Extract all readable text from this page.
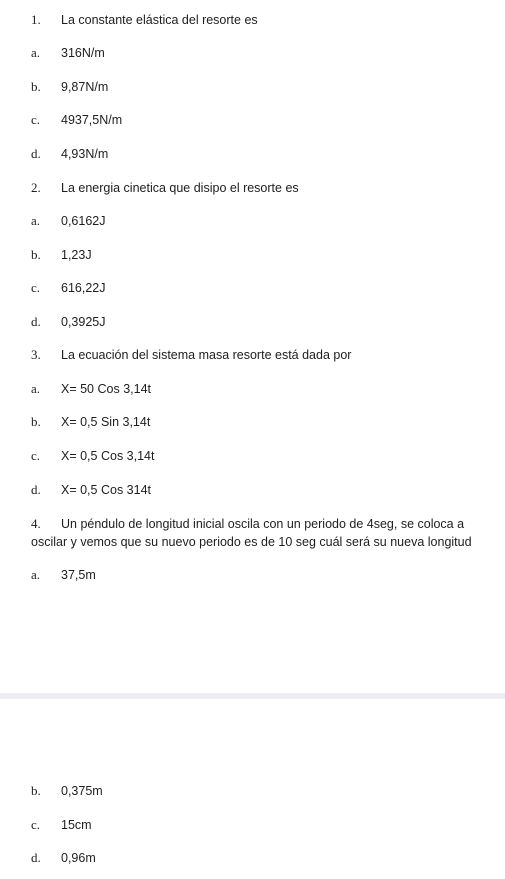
1. La constante elástica del resorte es
a. 316N/m
b. 9,87N/m
c. 4937,5N/m
d. 4,93N/m
2. La energia cinetica que disipo el resorte es
a. 0,6162J
b. 1,23J
c. 616,22J
d. 0,3925J
3. La ecuación del sistema masa resorte está dada por
a. X= 50 Cos 3,14t
b. X= 0,5 Sin 3,14t
c. X= 0,5 Cos 3,14t
d. X= 0,5 Cos 314t
4. Un péndulo de longitud inicial oscila con un periodo de 4seg, se coloca a oscilar y vemos que su nuevo periodo es de 10 seg cuál será su nueva longitud
a. 37,5m
b. 0,375m
c. 15cm
d. 0,96m
